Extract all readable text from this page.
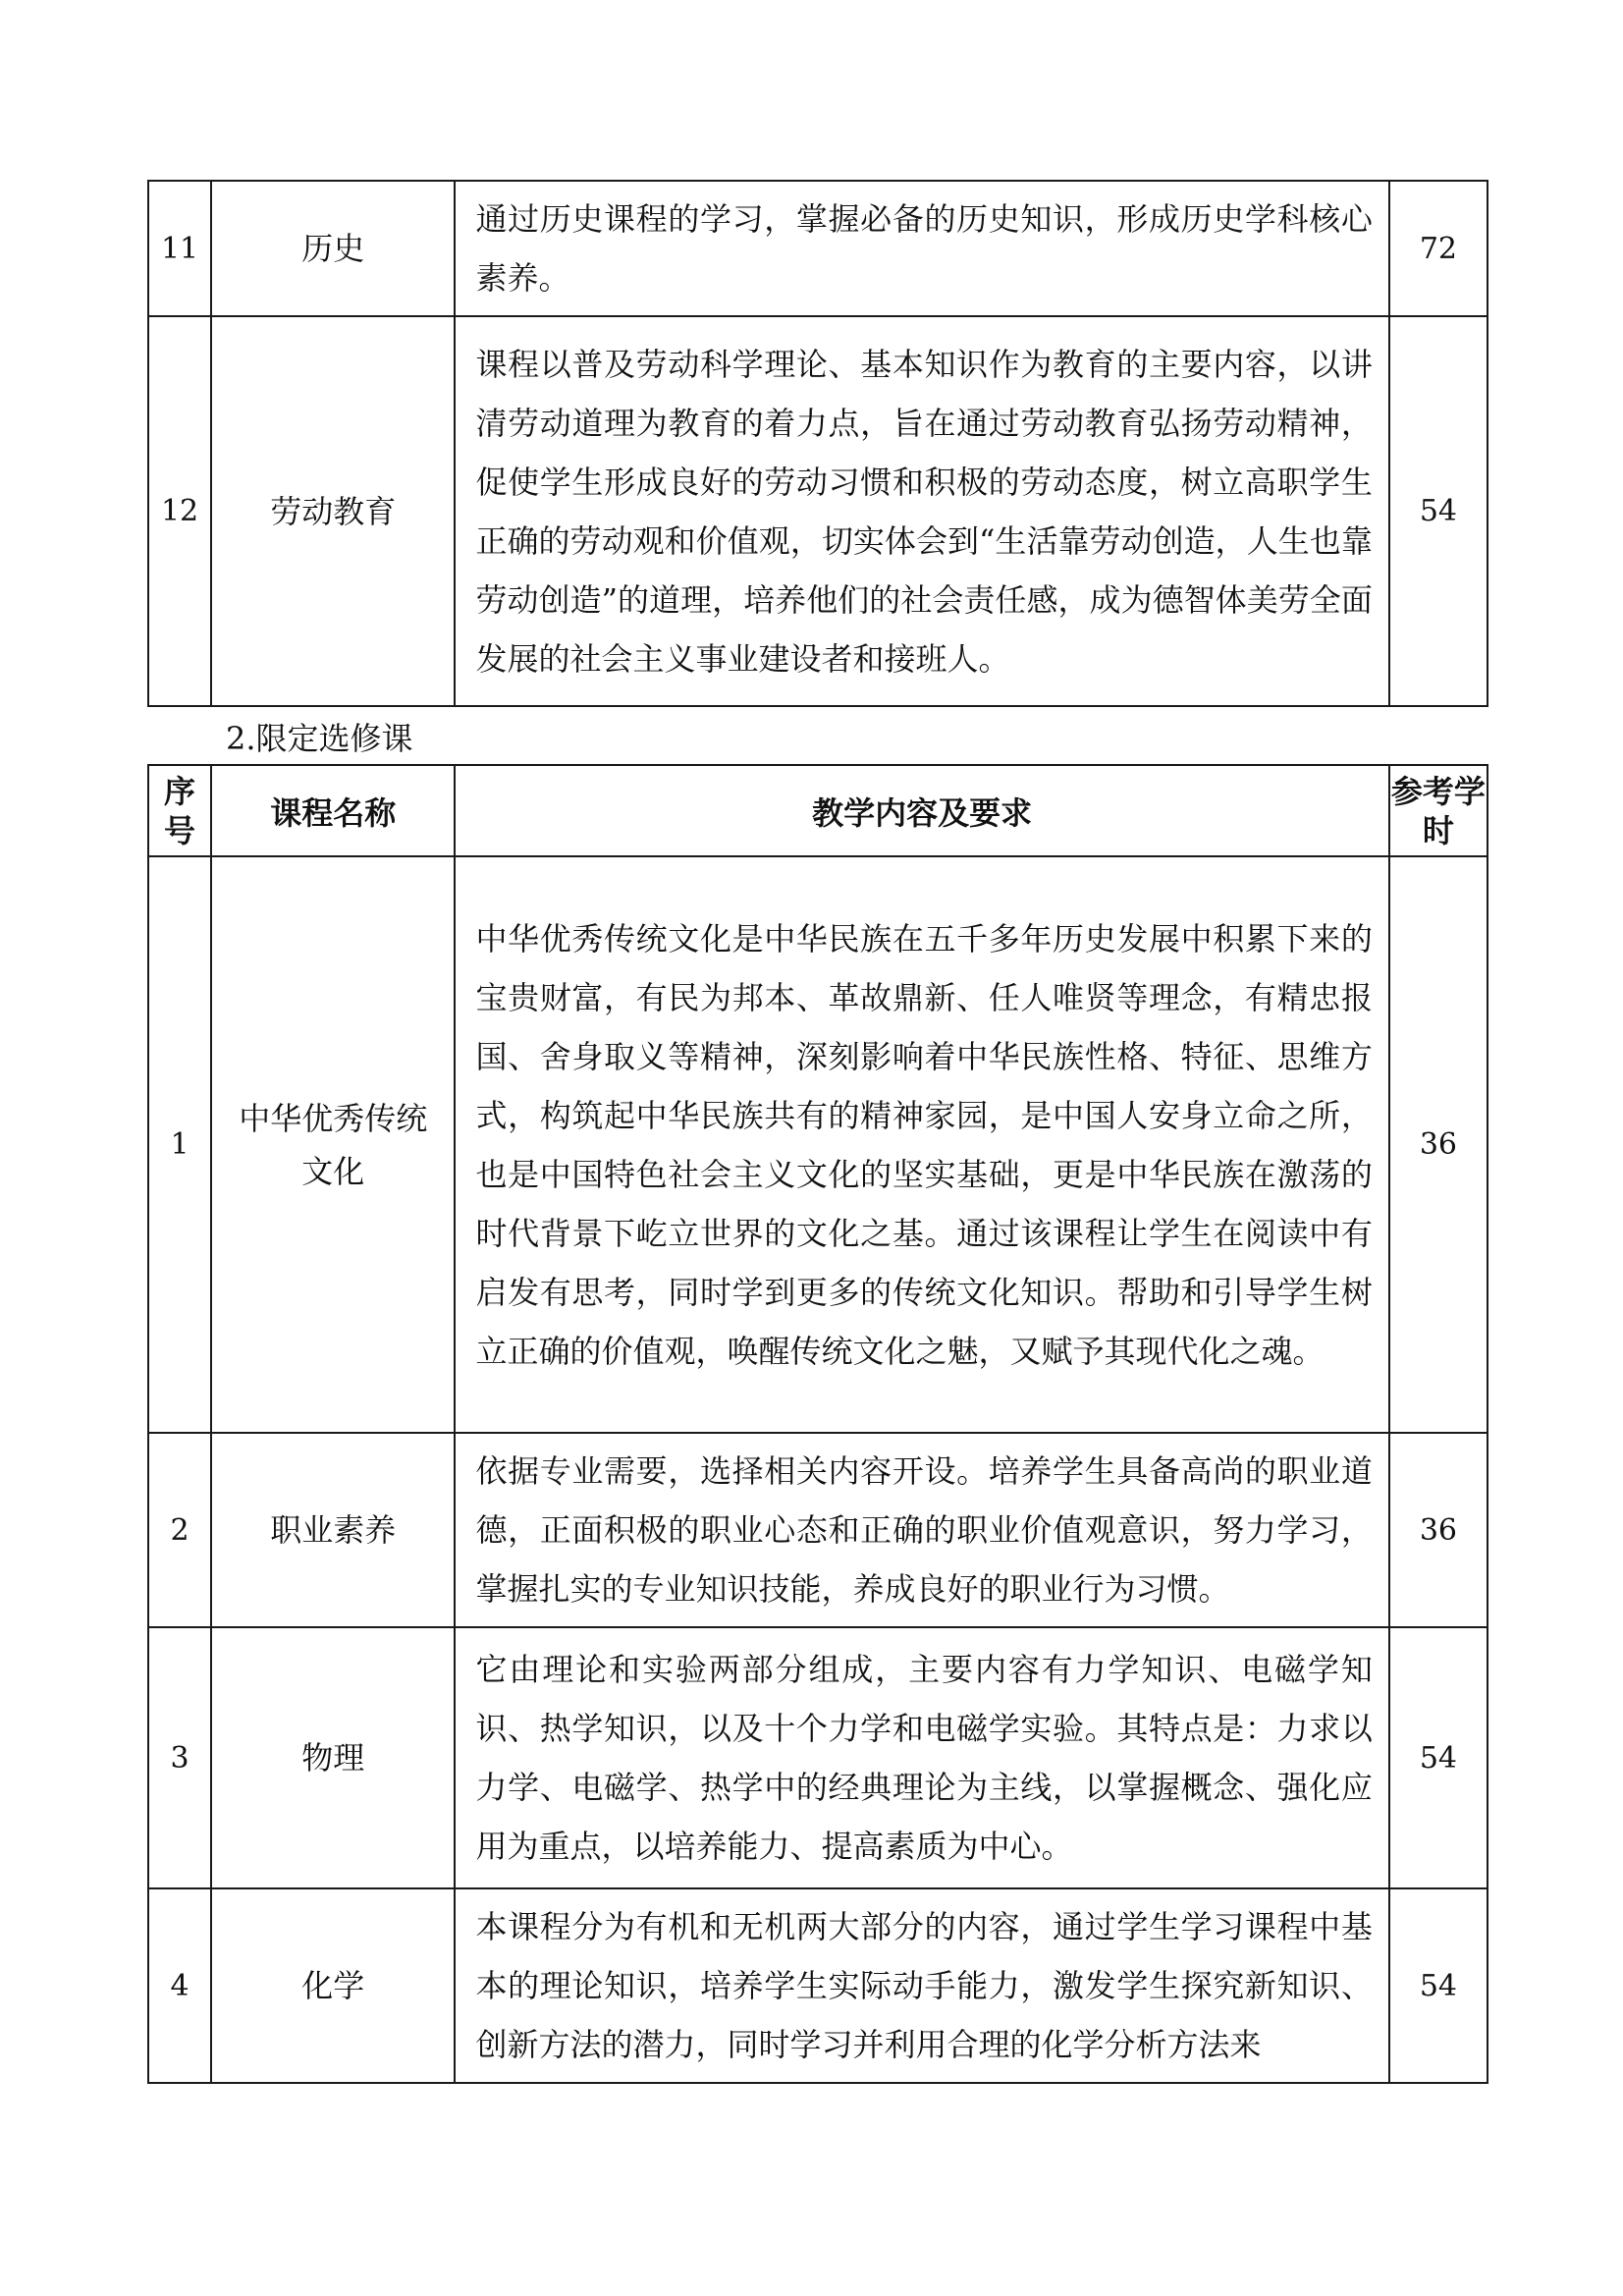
11	历史	通过历史课程的学习，掌握必备的历史知识，形成历史学科核心素养。	72
12	劳动教育	课程以普及劳动科学理论、基本知识作为教育的主要内容，以讲清劳动道理为教育的着力点，旨在通过劳动教育弘扬劳动精神，促使学生形成良好的劳动习惯和积极的劳动态度，树立高职学生正确的劳动观和价值观，切实体会到“生活靠劳动创造，人生也靠劳动创造”的道理，培养他们的社会责任感，成为德智体美劳全面发展的社会主义事业建设者和接班人。	54
2.限定选修课
序号	课程名称	教学内容及要求	参考学时
1	中华优秀传统文化	中华优秀传统文化是中华民族在五千多年历史发展中积累下来的宝贵财富，有民为邦本、革故鼎新、任人唯贤等理念，有精忠报国、舍身取义等精神，深刻影响着中华民族性格、特征、思维方式，构筑起中华民族共有的精神家园，是中国人安身立命之所，也是中国特色社会主义文化的坚实基础，更是中华民族在激荡的时代背景下屹立世界的文化之基。通过该课程让学生在阅读中有启发有思考，同时学到更多的传统文化知识。帮助和引导学生树立正确的价值观，唤醒传统文化之魅，又赋予其现代化之魂。	36
2	职业素养	依据专业需要，选择相关内容开设。培养学生具备高尚的职业道德，正面积极的职业心态和正确的职业价值观意识，努力学习，掌握扎实的专业知识技能，养成良好的职业行为习惯。	36
3	物理	它由理论和实验两部分组成，主要内容有力学知识、电磁学知识、热学知识，以及十个力学和电磁学实验。其特点是：力求以力学、电磁学、热学中的经典理论为主线，以掌握概念、强化应用为重点，以培养能力、提高素质为中心。	54
4	化学	本课程分为有机和无机两大部分的内容，通过学生学习课程中基本的理论知识，培养学生实际动手能力，激发学生探究新知识、创新方法的潜力，同时学习并利用合理的化学分析方法来	54
